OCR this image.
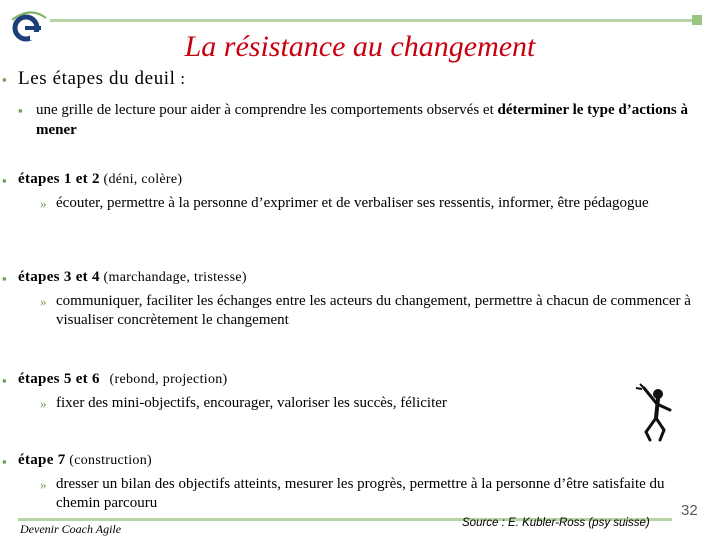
La résistance au changement
▪ Les étapes du deuil :
▪ une grille de lecture pour aider à comprendre les comportements observés et déterminer le type d’actions à mener
▪ étapes 1 et 2 (déni, colère)
» écouter, permettre à la personne d’exprimer et de verbaliser ses ressentis, informer, être pédagogue
▪ étapes 3 et 4 (marchandage, tristesse)
» communiquer, faciliter les échanges entre les acteurs du changement, permettre à chacun de commencer à visualiser concrètement le changement
▪ étapes 5 et 6 (rebond, projection)
» fixer des mini-objectifs, encourager, valoriser les succès, féliciter
▪ étape 7 (construction)
» dresser un bilan des objectifs atteints, mesurer les progrès, permettre à la personne d’être satisfaite du chemin parcouru
Devenir Coach Agile	Source : E. Kubler-Ross (psy suisse)
32
